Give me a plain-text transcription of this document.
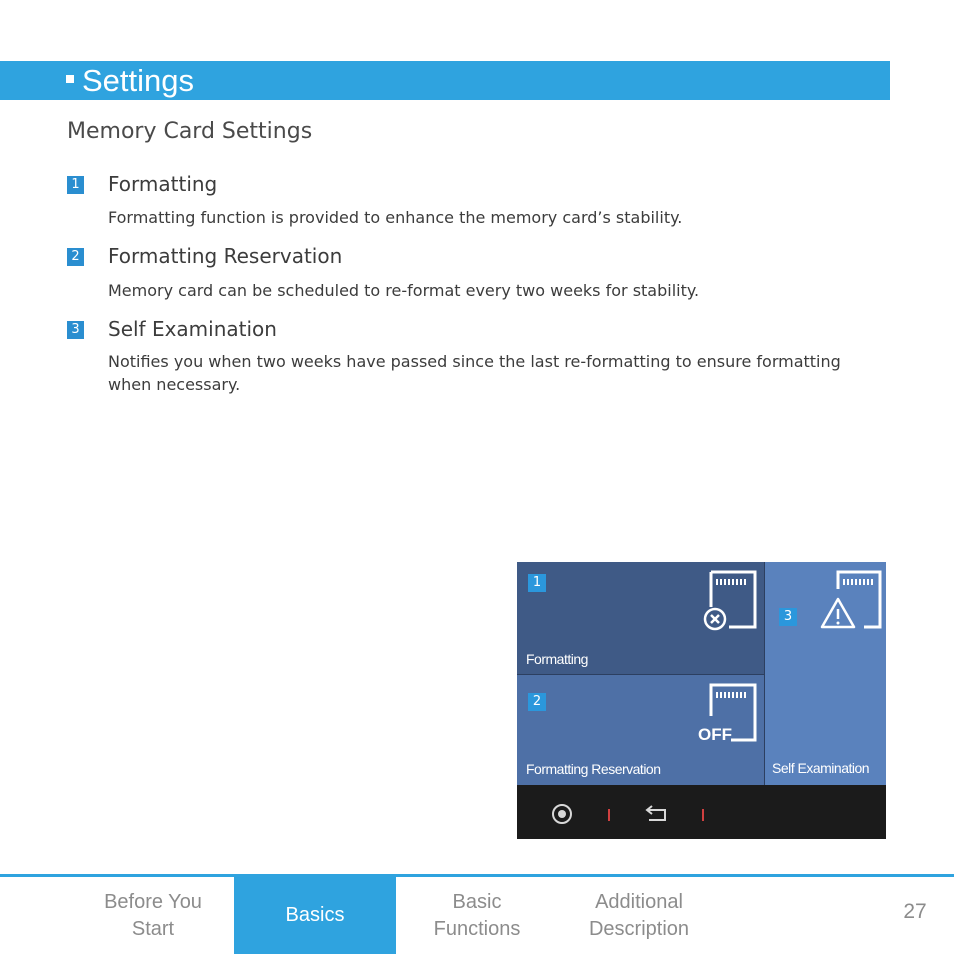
Settings
Memory Card Settings
1 Formatting
Formatting function is provided to enhance the memory card’s stability.
2 Formatting Reservation
Memory card can be scheduled to re-format every two weeks for stability.
3 Self Examination
Notifies you when two weeks have passed since the last re-formatting to ensure formatting when necessary.
1
Formatting
2
OFF
Formatting Reservation
3
Self Examination
Before You Start
Basics
Basic Functions
Additional Description
27
